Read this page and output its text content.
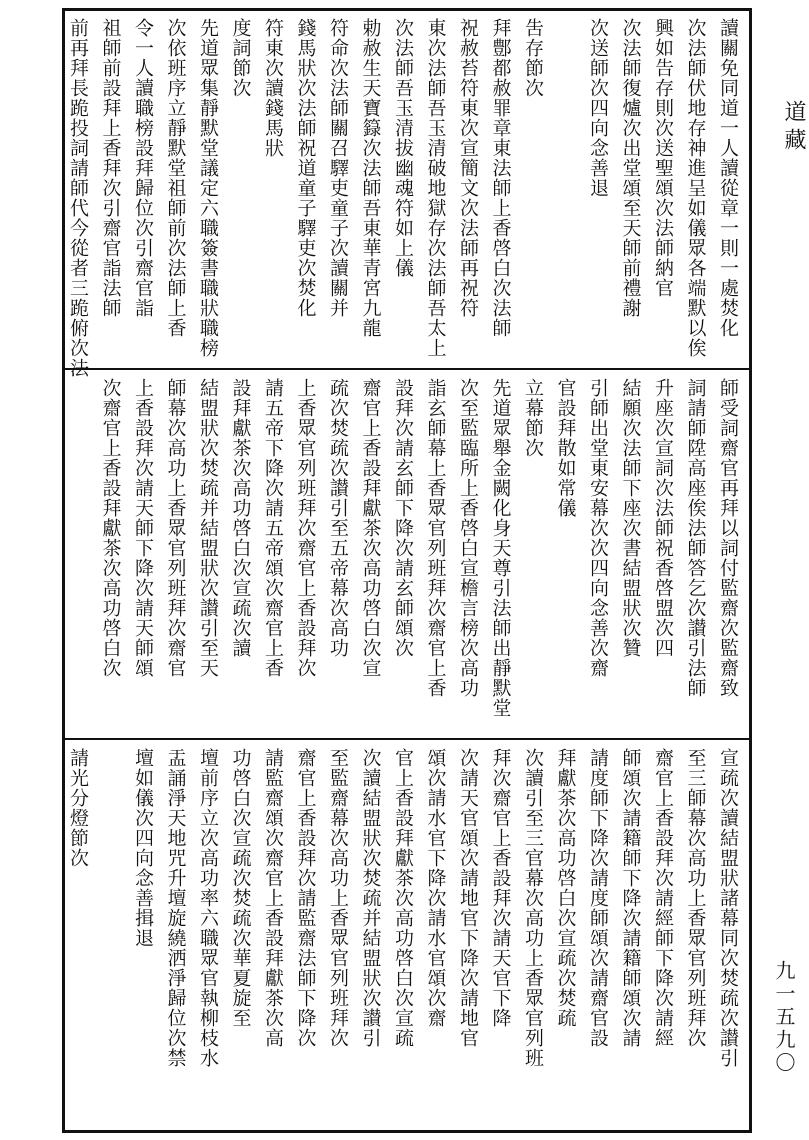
道藏
九一五九〇
讀關免同道一人讀從章一則一處焚化
次法師伏地存神進呈如儀眾各端默以俟
興如告存則次送聖頌次法師納官
次法師復爐次出堂頌至天師前禮謝
次送師次四向念善退
吿存節次
拜鄷都赦罪章東法師上香啓白次法師
祝赦苔符東次宣簡文次法師再祝符
東次法師吾玉清破地獄存次法師吾太上
次法師吾玉清拔幽魂符如上儀
勅赦生天寶籙次法師吾東華青宮九龍
符命次法師關召驛吏童子次讀關并
錢馬狀次法師祝道童子驛吏次焚化
符東次讀錢馬狀
度詞節次
先道眾集靜默堂議定六職簽書職狀職榜
次依班序立靜默堂祖師前次法師上香
令一人讀職榜設拜歸位次引齋官詣
祖師前設拜上香拜次引齋官詣法師
前再拜長跪投詞請師代今從者三跪俯次法
師受詞齋官再拜以詞付監齋次監齋致
詞請師陞高座俟法師答乞次讃引法師
升座次宣詞次法師祝香啓盟次四
結願次法師下座次書結盟狀次贊
引師出堂東安幕次次四向念善次齋
官設拜散如常儀
立幕節次
先道眾舉金闕化身天尊引法師出靜默堂
次至監臨所上香啓白宣檐言榜次高功
詣玄師幕上香眾官列班拜次齋官上香
設拜次請玄師下降次請玄師頌次
齋官上香設拜獻茶次高功啓白次宣
疏次焚疏次讃引至五帝幕次高功
上香眾官列班拜次齋官上香設拜次
請五帝下降次請五帝頌次齋官上香
設拜獻茶次高功啓白次宣疏次讀
結盟狀次焚疏并結盟狀次讃引至天
師幕次高功上香眾官列班拜次齋官
上香設拜次請天師下降次請天師頌
次齋官上香設拜獻茶次高功啓白次
宣疏次讀結盟狀諸幕同次焚疏次讃引
至三師幕次高功上香眾官列班拜次
齋官上香設拜次請經師下降次請經
師頌次請籍師下降次請籍師頌次請
請度師下降次請度師頌次請齋官設
拜獻茶次高功啓白次宣疏次焚疏
次讀引至三官幕次高功上香眾官列班
拜次齋官上香設拜次請天官下降
次請天官頌次請地官下降次請地官
頌次請水官下降次請水官頌次齋
官上香設拜獻茶次高功啓白次宣疏
次讀結盟狀次焚疏并結盟狀次讃引
至監齋幕次高功上香眾官列班拜次
齋官上香設拜次請監齋法師下降次
請監齋頌次齋官上香設拜獻茶次高
功啓白次宣疏次焚疏次華夏旋至
壇前序立次高功率六職眾官執柳枝水
盂誦淨天地咒升壇旋繞洒淨歸位次禁
壇如儀次四向念善揖退
請光分燈節次
